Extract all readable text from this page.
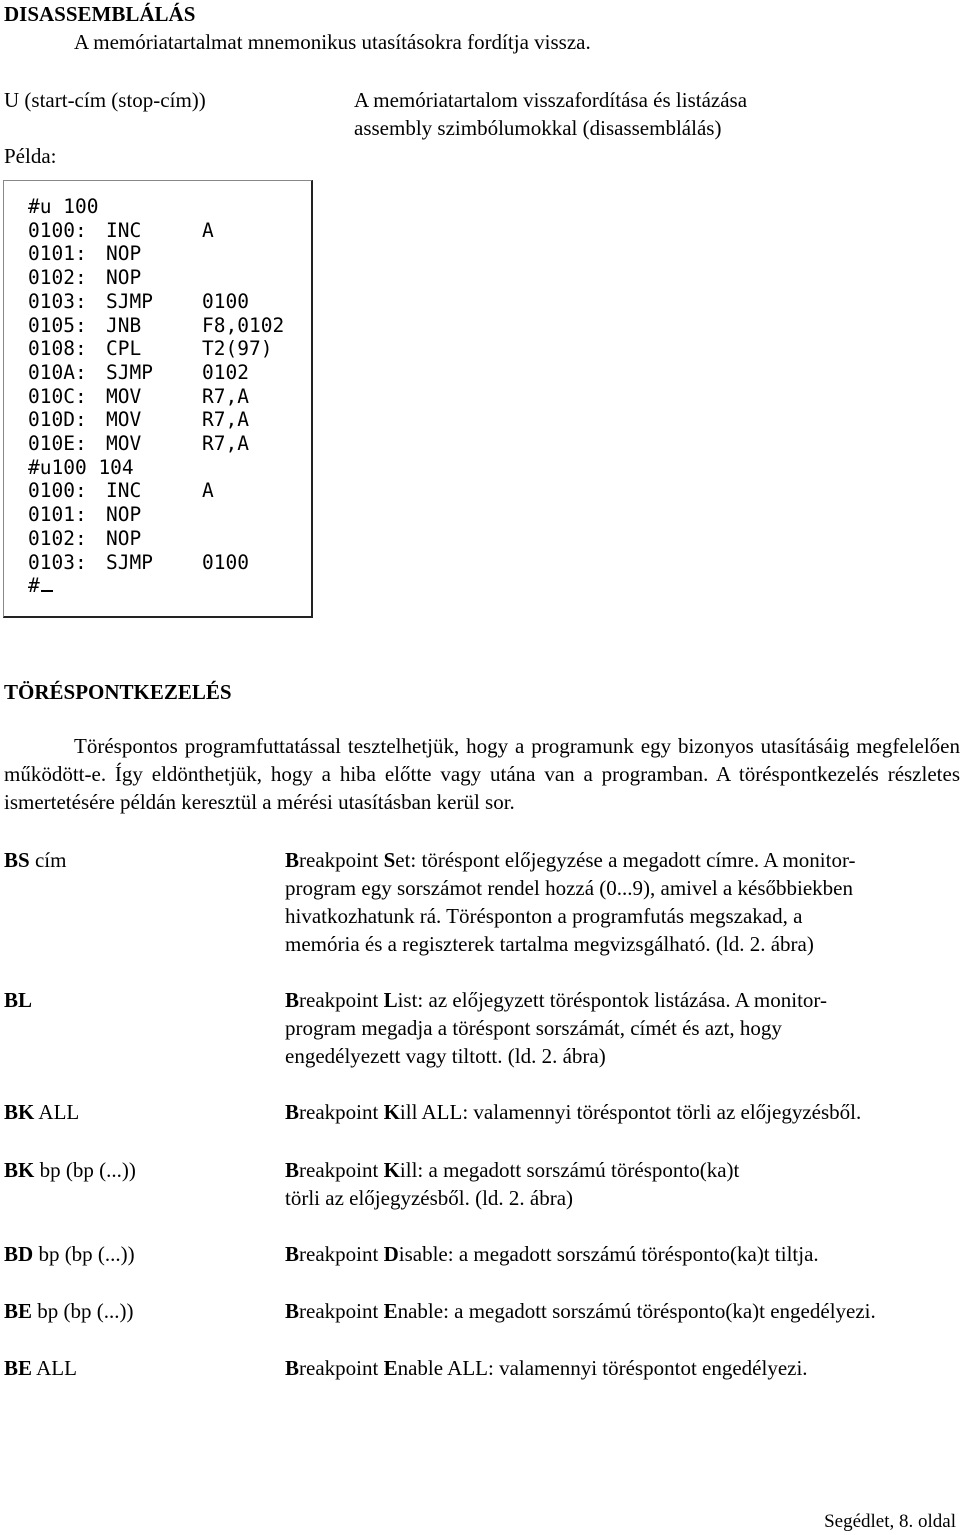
DISASSEMBLÁLÁS

A memóriatartalmat mnemonikus utasításokra fordítja vissza.

U (start-cím (stop-cím))	A memóriatartalom visszafordítása és listázása
assembly szimbólumokkal (disassemblálás)

Példa:

#u 100
0100: INC	A
0101: NOP
0102: NOP
0103: SJMP	0100
0105: JNB	F8,0102
0108: CPL	T2(97)
010A: SJMP	0102
010C: MOV	R7,A
010D: MOV	R7,A
010E: MOV	R7,A
#u100 104
0100: INC	A
0101: NOP
0102: NOP
0103: SJMP	0100
#
TÖRÉSPONTKEZELÉS

Töréspontos programfuttatással tesztelhetjük, hogy a programunk egy bizonyos utasításáig megfelelően működött-e. Így eldönthetjük, hogy a hiba előtte vagy utána van a programban. A töréspontkezelés részletes ismertetésére példán keresztül a mérési utasításban kerül sor.

BS cím	Breakpoint Set: töréspont előjegyzése a megadott címre. A monitor-
program egy sorszámot rendel hozzá (0...9), amivel a későbbiekben
hivatkozhatunk rá. Törésponton a programfutás megszakad, a
memória és a regiszterek tartalma megvizsgálható. (ld. 2. ábra)
BL	Breakpoint List: az előjegyzett töréspontok listázása. A monitor-
program megadja a töréspont sorszámát, címét és azt, hogy
engedélyezett vagy tiltott. (ld. 2. ábra)
BK ALL	Breakpoint Kill ALL: valamennyi töréspontot törli az előjegyzésből.
BK bp (bp (...))	Breakpoint Kill: a megadott sorszámú törésponto(ka)t
törli az előjegyzésből. (ld. 2. ábra)
BD bp (bp (...))	Breakpoint Disable: a megadott sorszámú törésponto(ka)t tiltja.
BE bp (bp (...))	Breakpoint Enable: a megadott sorszámú törésponto(ka)t engedélyezi.
BE ALL	Breakpoint Enable ALL: valamennyi töréspontot engedélyezi.
Segédlet, 8. oldal
